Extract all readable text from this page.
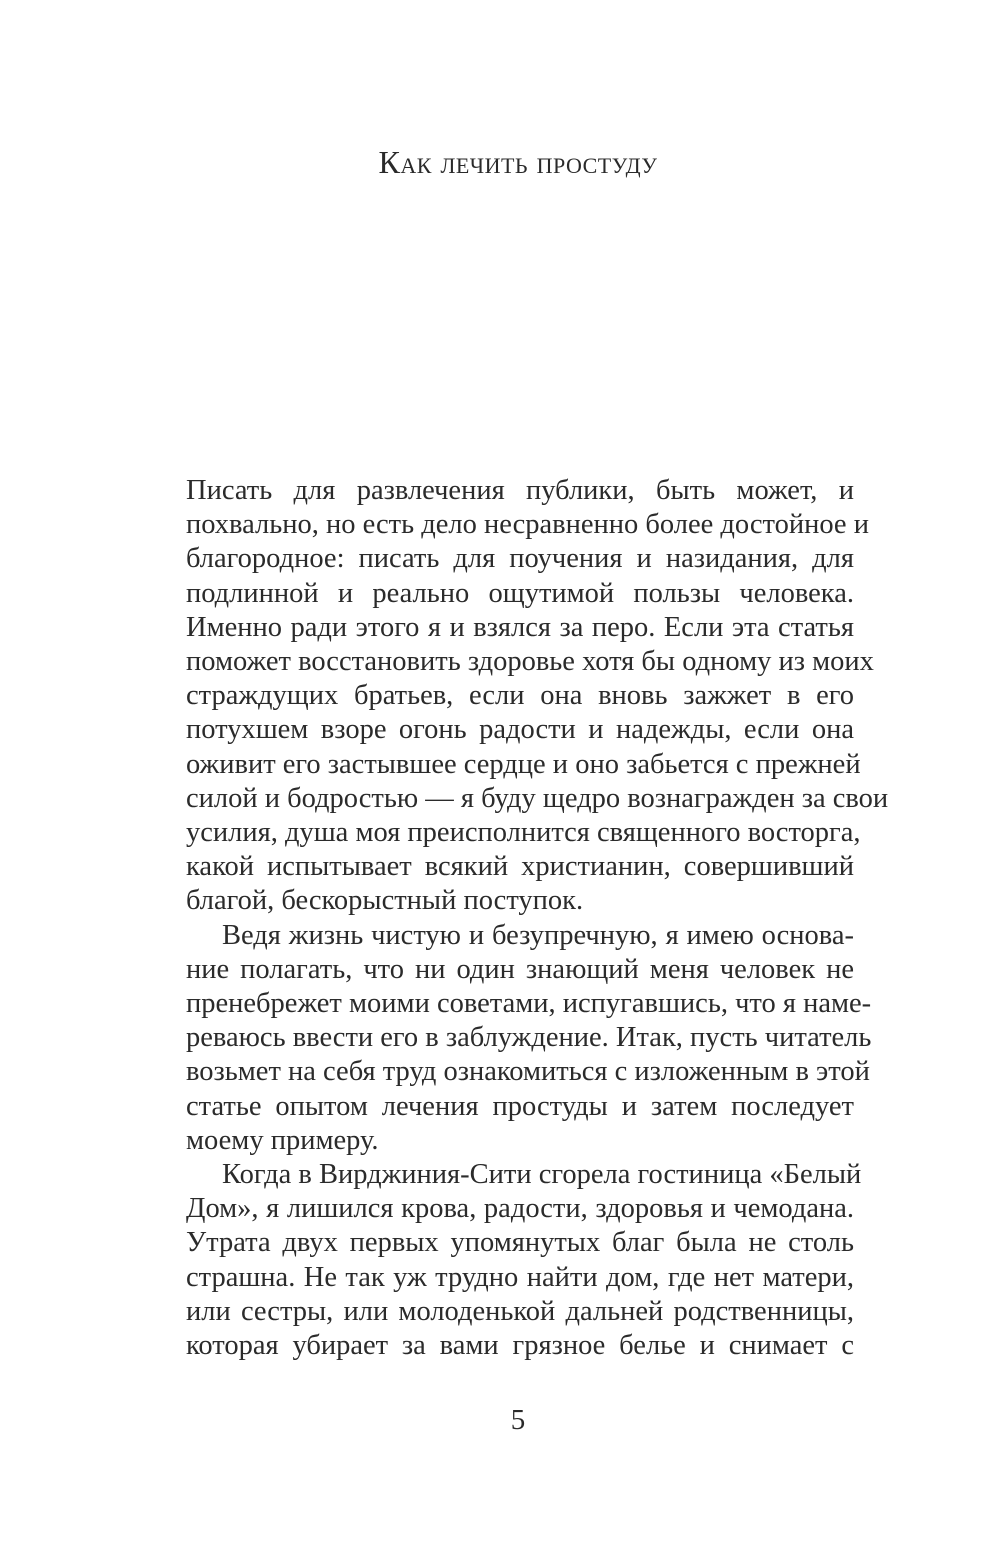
Как лечить простуду
Писать для развлечения публики, быть может, и
похвально, но есть дело несравненно более достойное и
благородное: писать для поучения и назидания, для
подлинной и реально ощутимой пользы человека.
Именно ради этого я и взялся за перо. Если эта статья
поможет восстановить здоровье хотя бы одному из моих
страждущих братьев, если она вновь зажжет в его
потухшем взоре огонь радости и надежды, если она
оживит его застывшее сердце и оно забьется с прежней
силой и бодростью — я буду щедро вознагражден за свои
усилия, душа моя преисполнится священного восторга,
какой испытывает всякий христианин, совершивший
благой, бескорыстный поступок.
Ведя жизнь чистую и безупречную, я имею основа-
ние полагать, что ни один знающий меня человек не
пренебрежет моими советами, испугавшись, что я наме-
реваюсь ввести его в заблуждение. Итак, пусть читатель
возьмет на себя труд ознакомиться с изложенным в этой
статье опытом лечения простуды и затем последует
моему примеру.
Когда в Вирджиния-Сити сгорела гостиница «Белый
Дом», я лишился крова, радости, здоровья и чемодана.
Утрата двух первых упомянутых благ была не столь
страшна. Не так уж трудно найти дом, где нет матери,
или сестры, или молоденькой дальней родственницы,
которая убирает за вами грязное белье и снимает с

5
